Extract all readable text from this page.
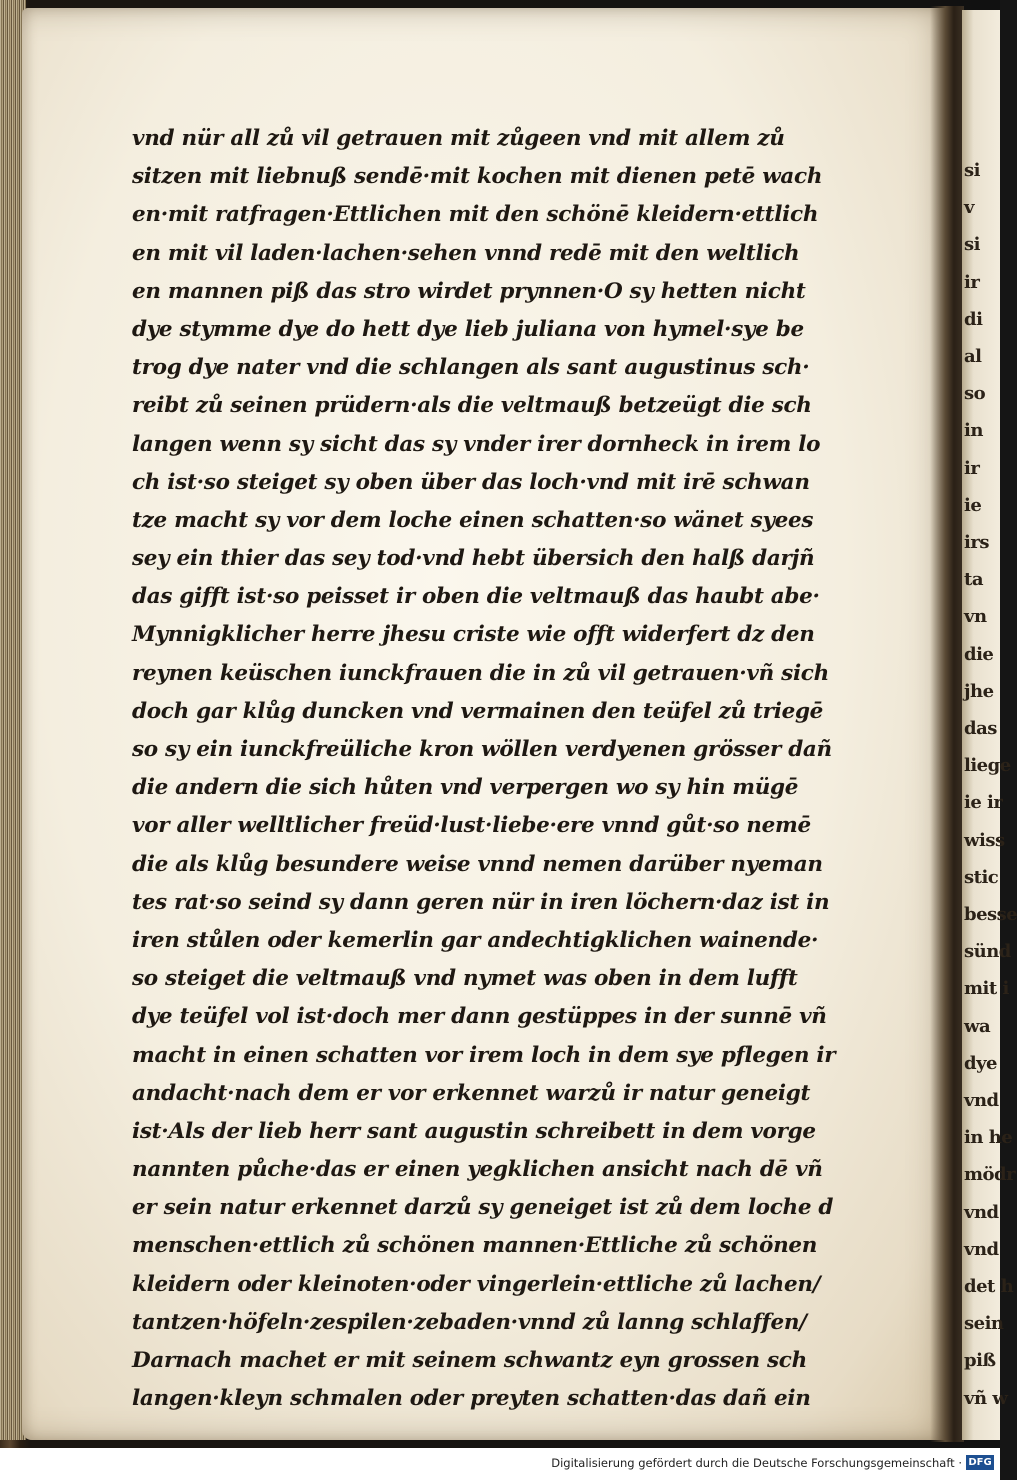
si
v
si
ir
di
al
so
in
ir
ie
irs
ta
vn
die
jhe
das
liege
ie ir
wiss
stic
besse
sünd
mit i
wa
dye
vnd
in he
mödr
vnd
vnd
det h
sein
piß
vñ w
vnd nür all zů vil getrauen mit zůgeen vnd mit allem zů
sitzen mit liebnuß sendē·mit kochen mit dienen petē wach
en·mit ratfragen·Ettlichen mit den schönē kleidern·ettlich
en mit vil laden·lachen·sehen vnnd redē mit den weltlich
en mannen piß das stro wirdet prynnen·O sy hetten nicht
dye stymme dye do hett dye lieb juliana von hymel·sye be
trog dye nater vnd die schlangen als sant augustinus sch·
reibt zů seinen prüdern·als die veltmauß betzeügt die sch
langen wenn sy sicht das sy vnder irer dornheck in irem lo
ch ist·so steiget sy oben über das loch·vnd mit irē schwan
tze macht sy vor dem loche einen schatten·so wänet syees
sey ein thier das sey tod·vnd hebt übersich den halß darjñ
das gifft ist·so peisset ir oben die veltmauß das haubt abe·
Mynnigklicher herre jhesu criste wie offt widerfert dz den
reynen keüschen iunckfrauen die in zů vil getrauen·vñ sich
doch gar klůg duncken vnd vermainen den teüfel zů triegē
so sy ein iunckfreüliche kron wöllen verdyenen grösser dañ
die andern die sich hůten vnd verpergen wo sy hin mügē
vor aller welltlicher freüd·lust·liebe·ere vnnd gůt·so nemē
die als klůg besundere weise vnnd nemen darüber nyeman
tes rat·so seind sy dann geren nür in iren löchern·daz ist in
iren stůlen oder kemerlin gar andechtigklichen wainende·
so steiget die veltmauß vnd nymet was oben in dem lufft
dye teüfel vol ist·doch mer dann gestüppes in der sunnē vñ
macht in einen schatten vor irem loch in dem sye pflegen ir
andacht·nach dem er vor erkennet warzů ir natur geneigt
ist·Als der lieb herr sant augustin schreibett in dem vorge
nannten půche·das er einen yegklichen ansicht nach dē vñ
er sein natur erkennet darzů sy geneiget ist zů dem loche d
menschen·ettlich zů schönen mannen·Ettliche zů schönen
kleidern oder kleinoten·oder vingerlein·ettliche zů lachen/
tantzen·höfeln·zespilen·zebaden·vnnd zů lanng schlaffen/
Darnach machet er mit seinem schwantz eyn grossen sch
langen·kleyn schmalen oder preyten schatten·das dañ ein
Digitalisierung gefördert durch die Deutsche Forschungsgemeinschaft · DFG
